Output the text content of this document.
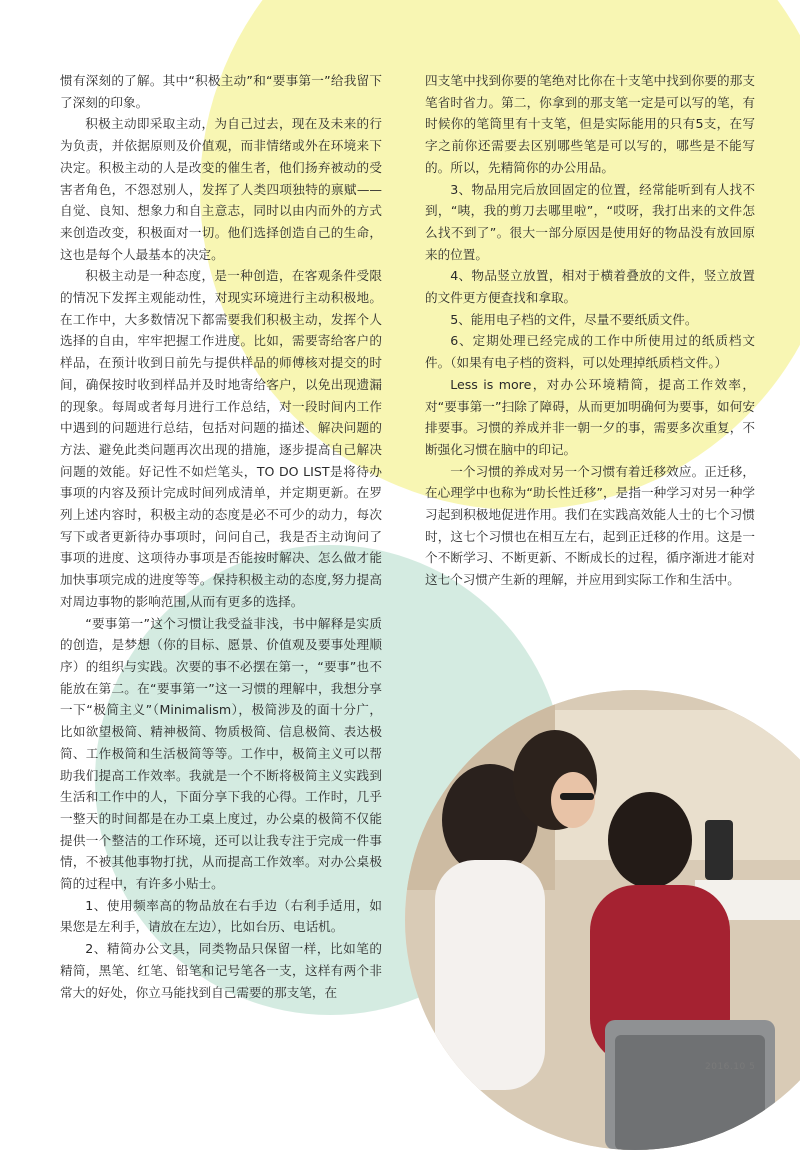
惯有深刻的了解。其中“积极主动”和“要事第一”给我留下了深刻的印象。

积极主动即采取主动，为自己过去，现在及未来的行为负责，并依据原则及价值观，而非情绪或外在环境来下决定。积极主动的人是改变的催生者，他们扬弃被动的受害者角色，不怨怼别人，发挥了人类四项独特的禀赋——自觉、良知、想象力和自主意志，同时以由内而外的方式来创造改变，积极面对一切。他们选择创造自己的生命，这也是每个人最基本的决定。

积极主动是一种态度，是一种创造，在客观条件受限的情况下发挥主观能动性，对现实环境进行主动积极地。在工作中，大多数情况下都需要我们积极主动，发挥个人选择的自由，牢牢把握工作进度。比如，需要寄给客户的样品，在预计收到日前先与提供样品的师傅核对提交的时间，确保按时收到样品并及时地寄给客户，以免出现遗漏的现象。每周或者每月进行工作总结，对一段时间内工作中遇到的问题进行总结，包括对问题的描述、解决问题的方法、避免此类问题再次出现的措施，逐步提高自己解决问题的效能。好记性不如烂笔头，TO DO LIST是将待办事项的内容及预计完成时间列成清单，并定期更新。在罗列上述内容时，积极主动的态度是必不可少的动力，每次写下或者更新待办事项时，问问自己，我是否主动询问了事项的进度、这项待办事项是否能按时解决、怎么做才能加快事项完成的进度等等。保持积极主动的态度,努力提高对周边事物的影响范围,从而有更多的选择。

“要事第一”这个习惯让我受益非浅，书中解释是实质的创造，是梦想（你的目标、愿景、价值观及要事处理顺序）的组织与实践。次要的事不必摆在第一，“要事”也不能放在第二。在“要事第一”这一习惯的理解中，我想分享一下“极简主义”（Minimalism），极简涉及的面十分广，比如欲望极简、精神极简、物质极简、信息极简、表达极简、工作极简和生活极简等等。工作中，极简主义可以帮助我们提高工作效率。我就是一个不断将极简主义实践到生活和工作中的人，下面分享下我的心得。工作时，几乎一整天的时间都是在办工桌上度过，办公桌的极简不仅能提供一个整洁的工作环境，还可以让我专注于完成一件事情，不被其他事物打扰，从而提高工作效率。对办公桌极简的过程中，有许多小贴士。

1、使用频率高的物品放在右手边（右利手适用，如果您是左利手，请放在左边），比如台历、电话机。

2、精简办公文具，同类物品只保留一样，比如笔的精简，黑笔、红笔、铅笔和记号笔各一支，这样有两个非常大的好处，你立马能找到自己需要的那支笔，在

四支笔中找到你要的笔绝对比你在十支笔中找到你要的那支笔省时省力。第二，你拿到的那支笔一定是可以写的笔，有时候你的笔筒里有十支笔，但是实际能用的只有5支，在写字之前你还需要去区别哪些笔是可以写的，哪些是不能写的。所以，先精简你的办公用品。

3、物品用完后放回固定的位置，经常能听到有人找不到，“咦，我的剪刀去哪里啦”，“哎呀，我打出来的文件怎么找不到了”。很大一部分原因是使用好的物品没有放回原来的位置。

4、物品竖立放置，相对于横着叠放的文件，竖立放置的文件更方便查找和拿取。

5、能用电子档的文件，尽量不要纸质文件。

6、定期处理已经完成的工作中所使用过的纸质档文件。（如果有电子档的资料，可以处理掉纸质档文件。）

Less is more，对办公环境精简，提高工作效率，对“要事第一”扫除了障碍，从而更加明确何为要事，如何安排要事。习惯的养成并非一朝一夕的事，需要多次重复，不断强化习惯在脑中的印记。

一个习惯的养成对另一个习惯有着迁移效应。正迁移，在心理学中也称为“助长性迁移”，是指一种学习对另一种学习起到积极地促进作用。我们在实践高效能人士的七个习惯时，这七个习惯也在相互左右，起到正迁移的作用。这是一个不断学习、不断更新、不断成长的过程，循序渐进才能对这七个习惯产生新的理解，并应用到实际工作和生活中。

2016.10 5
